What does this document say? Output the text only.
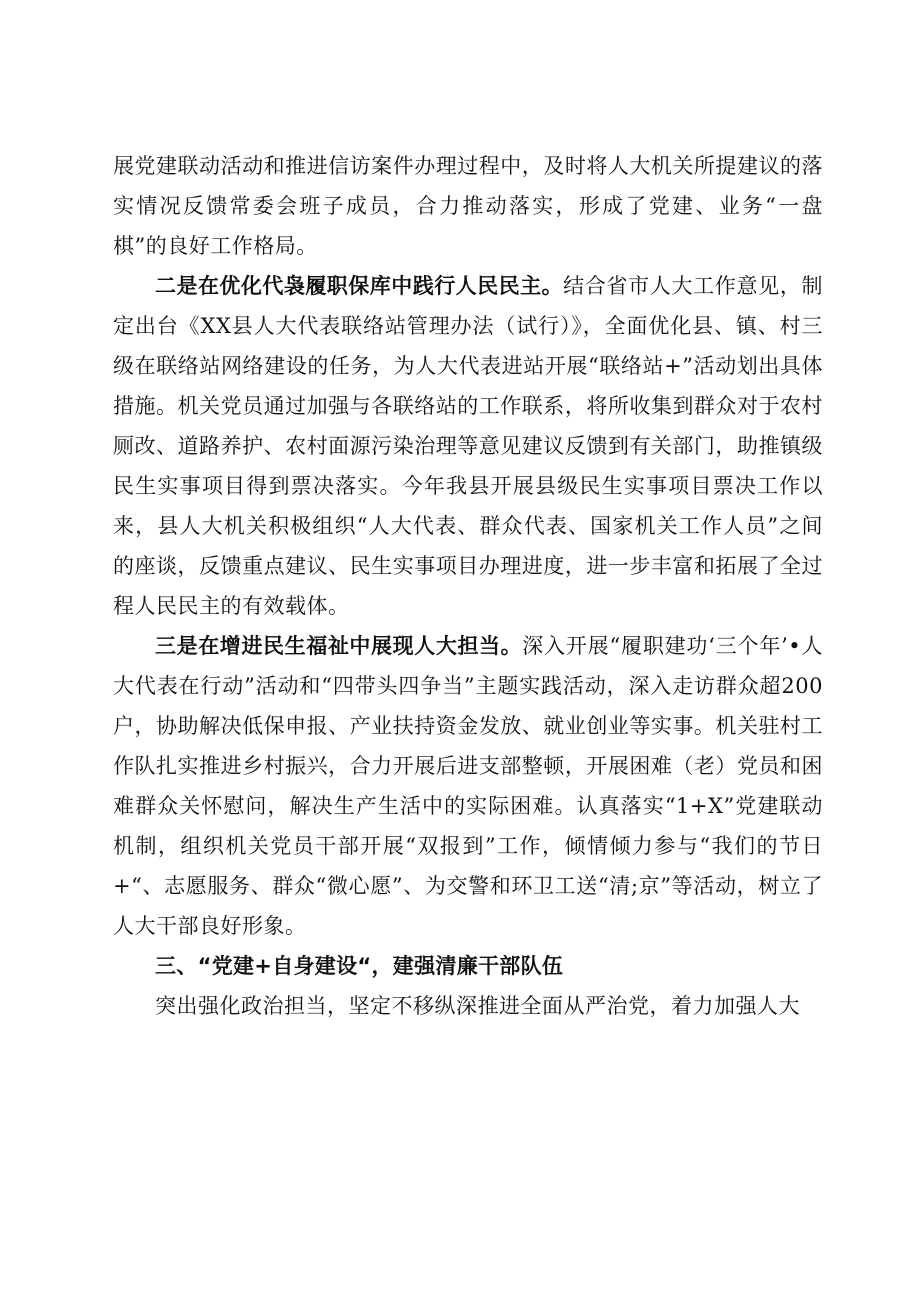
展党建联动活动和推进信访案件办理过程中，及时将人大机关所提建议的落实情况反馈常委会班子成员，合力推动落实，形成了党建、业务“一盘棋”的良好工作格局。

二是在优化代袅履职保库中践行人民民主。结合省市人大工作意见，制定出台《XX县人大代表联络站管理办法（试行）》，全面优化县、镇、村三级在联络站网络建设的任务，为人大代表进站开展“联络站+”活动划出具体措施。机关党员通过加强与各联络站的工作联系，将所收集到群众对于农村厕改、道路养护、农村面源污染治理等意见建议反馈到有关部门，助推镇级民生实事项目得到票决落实。今年我县开展县级民生实事项目票决工作以来，县人大机关积极组织“人大代表、群众代表、国家机关工作人员”之间的座谈，反馈重点建议、民生实事项目办理进度，进一步丰富和拓展了全过程人民民主的有效载体。

三是在增进民生福祉中展现人大担当。深入开展“履职建功‘三个年’•人大代表在行动”活动和“四带头四争当”主题实践活动，深入走访群众超200户，协助解决低保申报、产业扶持资金发放、就业创业等实事。机关驻村工作队扎实推进乡村振兴，合力开展后进支部整顿，开展困难（老）党员和困难群众关怀慰问，解决生产生活中的实际困难。认真落实“1+X”党建联动机制，组织机关党员干部开展“双报到”工作，倾情倾力参与“我们的节日+“、志愿服务、群众“微心愿”、为交警和环卫工送“清;京”等活动，树立了人大干部良好形象。

三、“党建+自身建设“，建强清廉干部队伍

突出强化政治担当，坚定不移纵深推进全面从严治党，着力加强人大
